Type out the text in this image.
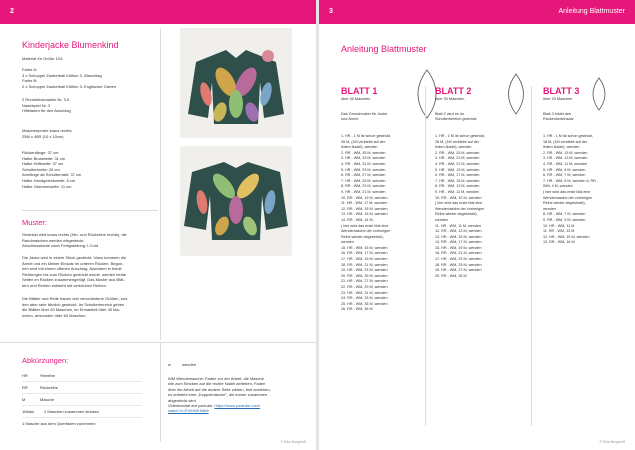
2
Kinderjacke Blumenkind
Material für Größe 104:
Farbe A:
3 x Schoppel Zauberball Edition 3, Waschtag
Farbe B:
2 x Schoppel Zauberball Edition 3, Englischer Garten
2 Rundstricknadeln Nr. 3,5
Nadelspiel Nr. 3
Hilfsfaden für den Anschlag
Maschenprobe kraus rechts:
25M x 48R (10 x 10cm)
Rückenlänge: 37 cm
Halbe Brustweite: 31 cm
Halbe Hüftweite: 37 cm
Schulterbreite: 26 cm
Armlänge ab Schulternaht: 37 cm
Halbe Handgelenkweite: 8 cm
Halbe Oberarmweite: 11 cm
Muster:
Gestrickt wird kraus rechts (Hin- und Rückreihe rechts), die
Randmaschen werden mitgestrickt.
Abschlusskante nach Fertigstellung: I-Cord
Die Jacke wird in einem Stück gestrickt, hinzu kommen die
Ärmel und ein kleiner Einsatz im unteren Rücken. Begon-
nen wird mit einem offenen Anschlag. Nachdem in beide
Richtungen bis zum Rücken gestrickt wurde, werden beide
Seiten im Rücken zusammengefügt. Das Muster aus Blät-
tern und Reihen entsteht mit verkürzten Reihen.
Die Blätter und Reife haben drei verschiedene Größen, wer-
den aber sehr ähnlich gestrickt. Im Schulterbereich gehen
die Blätter über 50 Maschen, im Ermatzteil über 40 Ma-
schen, ansonsten über 60 Maschen.
Abkürzungen:
HR	Hinreihe
RR	Rückreihe
M	Masche
1Mabn 2 Maschen zusammen stricken
1 Masche aus dem Querfaden zunehmen
w	wenden
WM Wendemasche: Faden vor der Arbeit, die Masche
wie zum Stricken auf die rechte Nadel abheben, Faden
über die Arbeit auf die andere Seite ziehen, fest anziehen,
es entsteht eine „Doppelmasche", die immer zusammen
abgestrickt wird
Videotutorial auf youtube: https://www.youtube.com/
watch?v=P4Xb0E5db8
© Elke Burgdorff
3	Anleitung Blattmuster
Anleitung Blattmuster
BLATT 1
über 40 Maschen
Das Grundmuster für Jacke
und Ärmel
1. HR - 1 M ist schon gestrickt,
28 M, (1M verbleibt auf der
linken Nadel), wenden
2. RR - WM, 35 M, wenden
3. HR - WM, 33 M, wenden
4. RR - WM, 31 M, wenden
5. HR - WM, 29 M, wenden
6. RR - WM, 27 M, wenden
7. HR - WM, 25 M, wenden
8. RR - WM, 23 M, wenden
9. HR - WM, 21 M, wenden
10. RR - WM, 19 M, wenden
11. HR - WM, 17 M, wenden
12. RR - WM, 15 M, wenden
13. HR - WM, 15 M, wenden
14. RR - WM, 14 M,
( hier wird das erste Mal eine
Wendemasche der vorherigen
Reihe wieder abgestrickt),
wenden
15. HR - WM, 15 M, wenden
16. RR - WM, 17 M, wenden
17. HR - WM, 19 M, wenden
18. RR - WM, 21 M, wenden
19. HR - WM, 23 M, wenden
20. RR - WM, 25 M, wenden
21. HR - WM, 27 M, wenden
22. RR - WM, 29 M, wenden
23. HR - WM, 31 M, wenden
24. RR - WM, 33 M, wenden
25. HR - WM, 35 M, wenden
26. RR - WM, 36 M
BLATT 2
über 30 Maschen
Blatt 2 wird es im
Schulterbereich gestrickt
1. HR - 1 M ist schon gestrickt,
28 M, (1M verbleibt auf der
linken Nadel), wenden
2. RR - WM, 25 M, wenden
3. HR - WM, 23 M, wenden
4. RR - WM, 21 M, wenden
5. HR - WM, 19 M, wenden
6. RR - WM, 17 M, wenden
7. HR - WM, 15 M, wenden
8. RR - WM, 13 M, wenden
9. HR - WM, 11 M, wenden
10. RR - WM, 10 M, wenden
( hier wird das erste Mal eine
Wendemasche der vorherigen
Reihe wieder abgestrickt),
wenden
11. HR - WM, 11 M, wenden
12. RR - WM, 13 M, wenden
13. HR - WM, 15 M, wenden
14. RR - WM, 17 M, wenden
15. HR - WM, 19 M, wenden
16. RR - WM, 21 M, wenden
17. HR - WM, 23 M, wenden
18. RR - WM, 25 M, wenden
19. HR - WM, 27 M, wenden
20. RR - WM, 26 M
BLATT 3
über 20 Maschen
Blatt 3 bildet den
Rückenkeileinsatz
1. HR - 1 M ist schon gestrickt,
18 M, (1M verbleibt auf der
linken Nadel), wenden
2. RR - WM, 15 M, wenden
3. HR - WM, 13 M, wenden
4. RR - WM, 11 M, wenden
5. HR - WM, 9 M, wenden
6. RR - WM, 7 M, wenden
7. HR - WM, 5 M, wenden 6. RR -
WM, 4 M, wenden
( hier wird das erste Mal eine
Wendemasche der vorherigen
Reihe wieder abgestrickt),
wenden
8. HR - WM, 7 M, wenden
9. RR - WM, 9 M, wenden
10. HR - WM, 11 M
11. RR - WM, 13 M
12. HR - WM, 15 M, wenden
13. RR - WM, 16 M
© Elke Burgdorff
